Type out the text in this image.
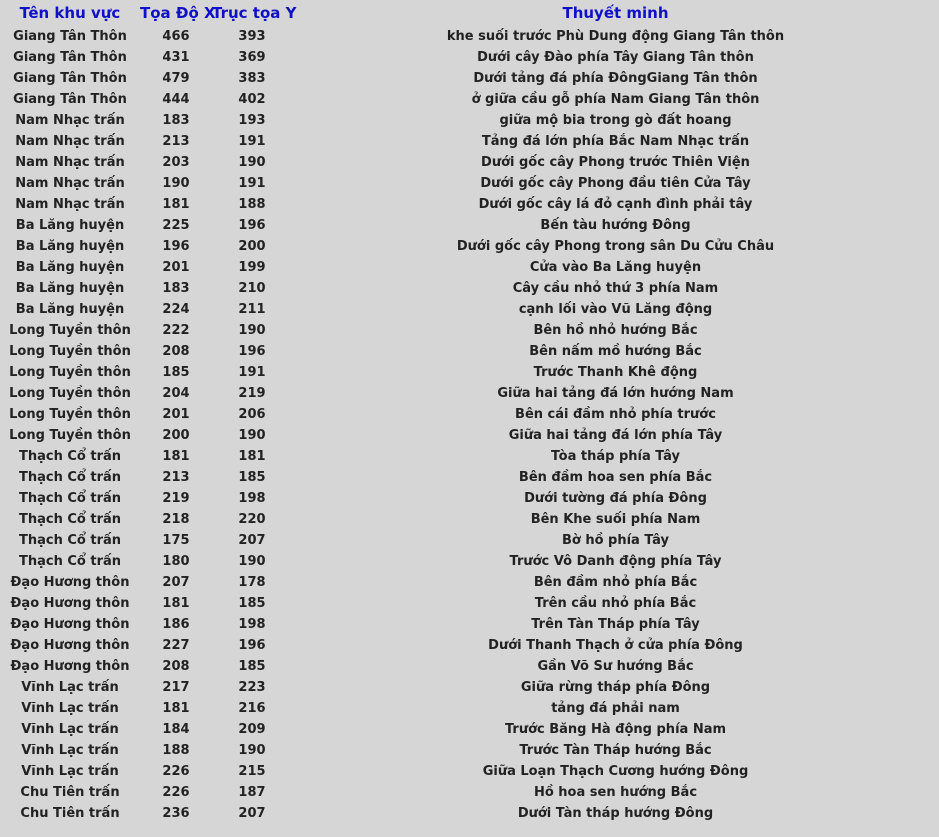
Tên khu vực	Tọa Độ X	Trục tọa Y	Thuyết minh
Giang Tân Thôn	466	393	khe suối trước Phù Dung động Giang Tân thôn
Giang Tân Thôn	431	369	Dưới cây Đào phía Tây Giang Tân thôn
Giang Tân Thôn	479	383	Dưới tảng đá phía ĐôngGiang Tân thôn
Giang Tân Thôn	444	402	ở giữa cầu gỗ phía Nam Giang Tân thôn
Nam Nhạc trấn	183	193	giữa mộ bia trong gò đất hoang
Nam Nhạc trấn	213	191	Tảng đá lớn phía Bắc Nam Nhạc trấn
Nam Nhạc trấn	203	190	Dưới gốc cây Phong trước Thiên Viện
Nam Nhạc trấn	190	191	Dưới gốc cây Phong đầu tiên Cửa Tây
Nam Nhạc trấn	181	188	Dưới gốc cây lá đỏ cạnh đình phải tây
Ba Lăng huyện	225	196	Bến tàu hướng Đông
Ba Lăng huyện	196	200	Dưới gốc cây Phong trong sân Du Cửu Châu
Ba Lăng huyện	201	199	Cửa vào Ba Lăng huyện
Ba Lăng huyện	183	210	Cây cầu nhỏ thứ 3 phía Nam
Ba Lăng huyện	224	211	cạnh lối vào Vũ Lăng động
Long Tuyền thôn	222	190	Bên hồ nhỏ hướng Bắc
Long Tuyền thôn	208	196	Bên nấm mồ hướng Bắc
Long Tuyền thôn	185	191	Trước Thanh Khê động
Long Tuyền thôn	204	219	Giữa hai tảng đá lớn hướng Nam
Long Tuyền thôn	201	206	Bên cái đầm nhỏ phía trước
Long Tuyền thôn	200	190	Giữa hai tảng đá lớn phía Tây
Thạch Cổ trấn	181	181	Tòa tháp phía Tây
Thạch Cổ trấn	213	185	Bên đầm hoa sen phía Bắc
Thạch Cổ trấn	219	198	Dưới tường đá phía Đông
Thạch Cổ trấn	218	220	Bên Khe suối phía Nam
Thạch Cổ trấn	175	207	Bờ hồ phía Tây
Thạch Cổ trấn	180	190	Trước Vô Danh động phía Tây
Đạo Hương thôn	207	178	Bên đầm nhỏ phía Bắc
Đạo Hương thôn	181	185	Trên cầu nhỏ phía Bắc
Đạo Hương thôn	186	198	Trên Tàn Tháp phía Tây
Đạo Hương thôn	227	196	Dưới Thanh Thạch ở cửa phía Đông
Đạo Hương thôn	208	185	Gần Võ Sư hướng Bắc
Vĩnh Lạc trấn	217	223	Giữa rừng tháp phía Đông
Vĩnh Lạc trấn	181	216	tảng đá phải nam
Vĩnh Lạc trấn	184	209	Trước Băng Hà động phía Nam
Vĩnh Lạc trấn	188	190	Trước Tàn Tháp hướng Bắc
Vĩnh Lạc trấn	226	215	Giữa Loạn Thạch Cương hướng Đông
Chu Tiên trấn	226	187	Hồ hoa sen hướng Bắc
Chu Tiên trấn	236	207	Dưới Tàn tháp hướng Đông
